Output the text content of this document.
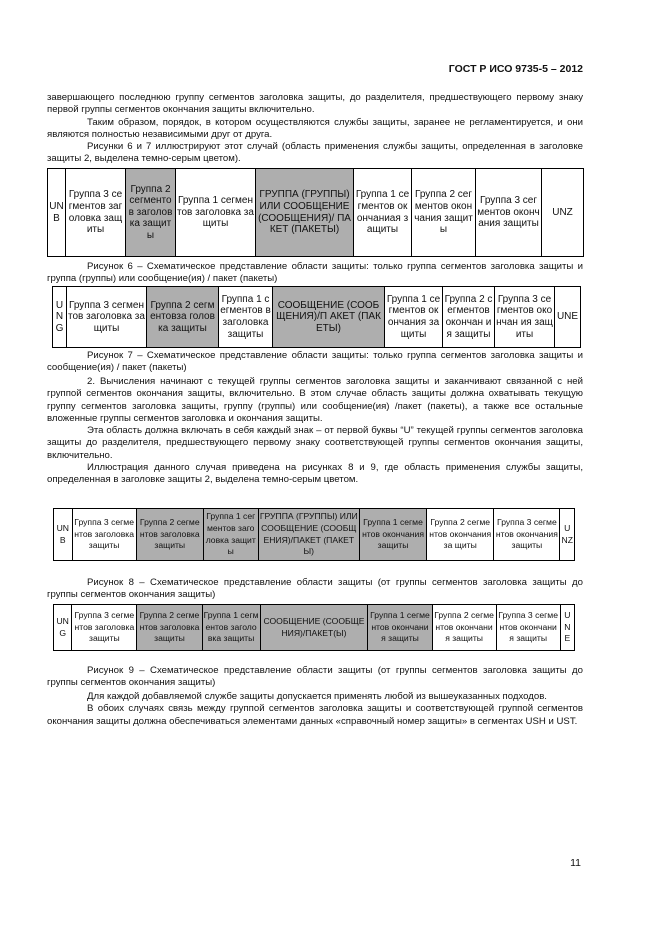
ГОСТ Р ИСО 9735-5 – 2012

завершающего последнюю группу сегментов заголовка защиты, до разделителя, предшествующего первому знаку первой группы сегментов окончания защиты включительно.

Таким образом, порядок, в котором осуществляются службы защиты, заранее не регламентируется, и они являются полностью независимыми друг от друга.

Рисунки 6 и 7 иллюстрируют этот случай (область применения службы защиты, определенная в заголовке защиты 2, выделена темно-серым цветом).

UNB	Группа 3 сегментов заголовка защиты	Группа 2 сегментов заголовка защиты	Группа 1 сегментов заголовка защиты	ГРУППА (ГРУППЫ) ИЛИ СООБЩЕНИЕ (СООБЩЕНИЯ)/ ПАКЕТ (ПАКЕТЫ)	Группа 1 сегментов окончаниая защиты	Группа 2 сегментов окончания защиты	Группа 3 сегментов окончания защиты	UNZ
Рисунок 6 – Схематическое представление области защиты: только группа сегментов заголовка защиты и группа (группы) или сообщение(ия) / пакет (пакеты)
UNG	Группа 3 сегментов заголовка защиты	Группа 2 сегментовза головка защиты	Группа 1 сегментов в заголовка защиты	СООБЩЕНИЕ (СООБЩЕНИЯ)/П АКЕТ (ПАКЕТЫ)	Группа 1 сегментов окончания защиты	Группа 2 сегментов окончан ия защиты	Группа 3 сегментов окончан ия защиты	UNE
Рисунок 7 – Схематическое представление области защиты: только группа сегментов заголовка защиты и сообщение(ия) / пакет (пакеты)

2. Вычисления начинают с текущей группы сегментов заголовка защиты и заканчивают связанной с ней группой сегментов окончания защиты, включительно. В этом случае область защиты должна охватывать текущую группу сегментов заголовка защиты, группу (группы) или сообщение(ия) /пакет (пакеты), а также все остальные вложенные группы сегментов заголовка и окончания защиты.

Эта область должна включать в себя каждый знак – от первой буквы “U” текущей группы сегментов заголовка защиты до разделителя, предшествующего первому знаку соответствующей группы сегментов окончания защиты, включительно.

Иллюстрация данного случая приведена на рисунках 8 и 9, где область применения службы защиты, определенная в заголовке защиты 2, выделена темно-серым цветом.

UNB	Группа 3 сегментов заголовка защиты	Группа 2 сегментов заголовка защиты	Группа 1 сегментов заголовка защиты	ГРУППА (ГРУППЫ) ИЛИ СООБЩЕНИЕ (СООБЩЕНИЯ)/ПАКЕТ (ПАКЕТЫ)	Группа 1 сегментов окончаниязащиты	Группа 2 сегментов окончанияза щиты	Группа 3 сегментов окончаниязащиты	UNZ
Рисунок 8 – Схематическое представление области защиты (от группы сегментов заголовка защиты до группы сегментов окончания защиты)
UNG	Группа 3 сегментов заголовка защиты	Группа 2 сегментов заголовка защиты	Группа 1 сегментов заголовка защиты	СООБЩЕНИЕ (СООБЩЕНИЯ)/ПАКЕТ(Ы)	Группа 1 сегментов окончания защиты	Группа 2 сегментов окончания защиты	Группа 3 сегментов окончания защиты	UNE
Рисунок 9 – Схематическое представление области защиты (от группы сегментов заголовка защиты до группы сегментов окончания защиты)

Для каждой добавляемой службе защиты допускается применять любой из вышеуказанных подходов.

В обоих случаях связь между группой сегментов заголовка защиты и соответствующей группой сегментов окончания защиты должна обеспечиваться элементами данных «справочный номер защиты» в сегментах USH и UST.

11
